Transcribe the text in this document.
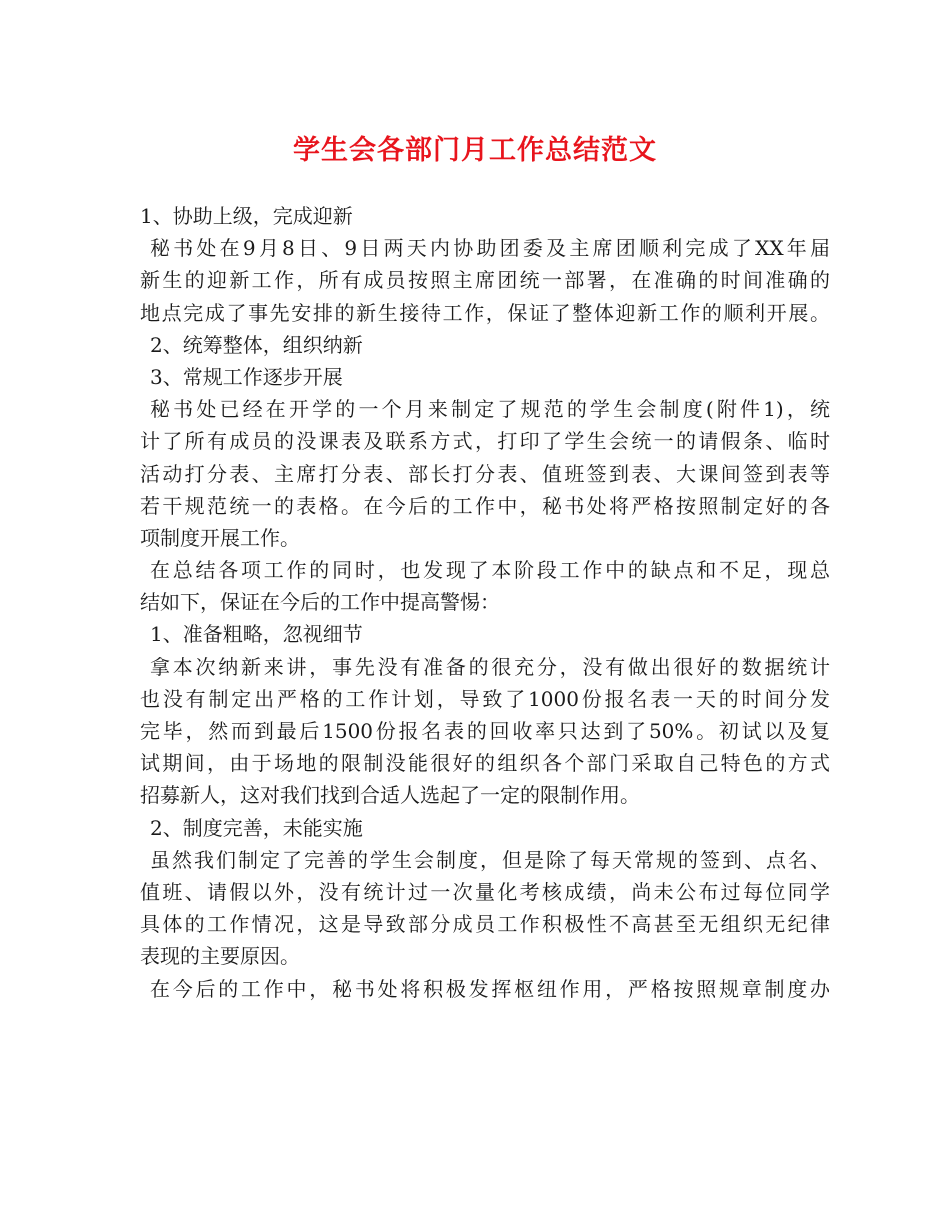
学生会各部门月工作总结范文
1、协助上级，完成迎新
秘书处在9月8日、9日两天内协助团委及主席团顺利完成了XX年届
新生的迎新工作，所有成员按照主席团统一部署，在准确的时间准确的
地点完成了事先安排的新生接待工作，保证了整体迎新工作的顺利开展。
2、统筹整体，组织纳新
3、常规工作逐步开展
秘书处已经在开学的一个月来制定了规范的学生会制度(附件1)，统
计了所有成员的没课表及联系方式，打印了学生会统一的请假条、临时
活动打分表、主席打分表、部长打分表、值班签到表、大课间签到表等
若干规范统一的表格。在今后的工作中，秘书处将严格按照制定好的各
项制度开展工作。
在总结各项工作的同时，也发现了本阶段工作中的缺点和不足，现总
结如下，保证在今后的工作中提高警惕：
1、准备粗略，忽视细节
拿本次纳新来讲，事先没有准备的很充分，没有做出很好的数据统计
也没有制定出严格的工作计划，导致了1000份报名表一天的时间分发
完毕，然而到最后1500份报名表的回收率只达到了50%。初试以及复
试期间，由于场地的限制没能很好的组织各个部门采取自己特色的方式
招募新人，这对我们找到合适人选起了一定的限制作用。
2、制度完善，未能实施
虽然我们制定了完善的学生会制度，但是除了每天常规的签到、点名、
值班、请假以外，没有统计过一次量化考核成绩，尚未公布过每位同学
具体的工作情况，这是导致部分成员工作积极性不高甚至无组织无纪律
表现的主要原因。
在今后的工作中，秘书处将积极发挥枢纽作用，严格按照规章制度办
